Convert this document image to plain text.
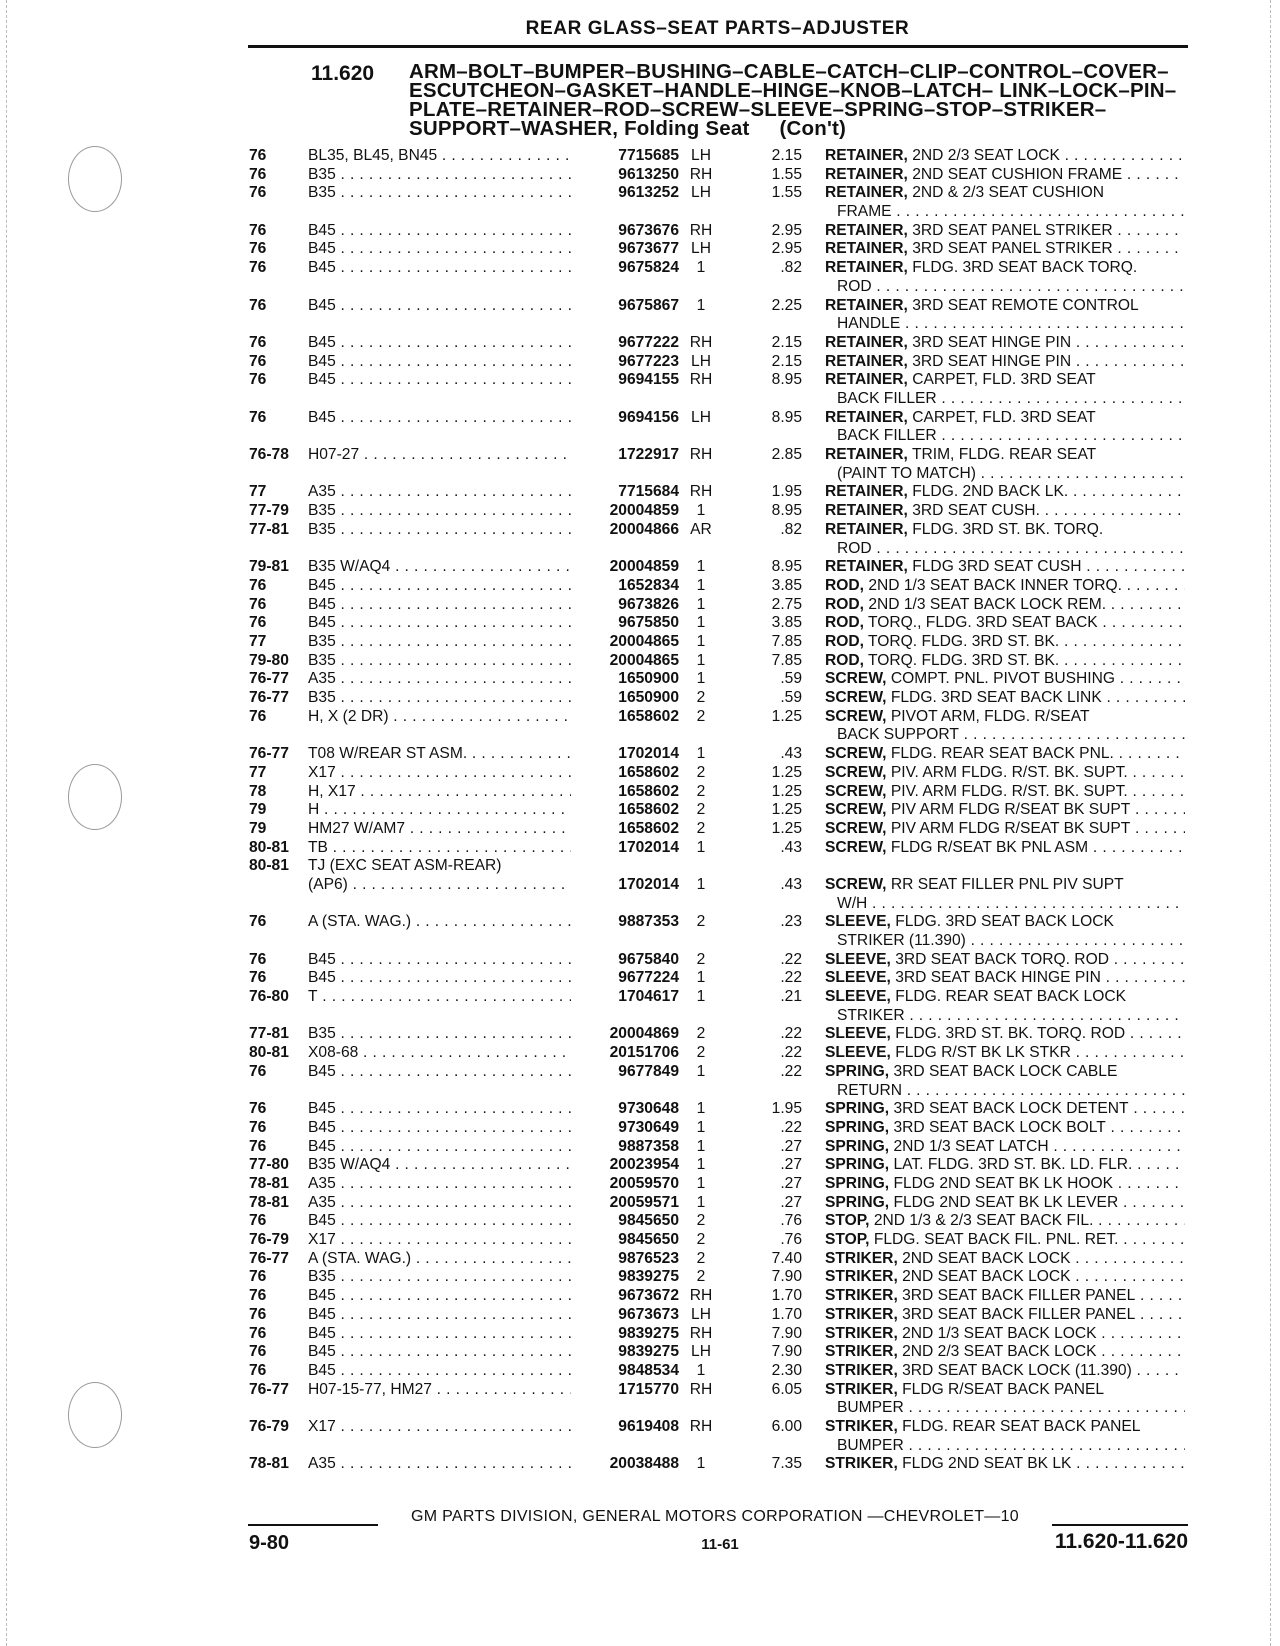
REAR GLASS–SEAT PARTS–ADJUSTER
11.620 ARM–BOLT–BUMPER–BUSHING–CABLE–CATCH–CLIP–CONTROL–COVER–ESCUTCHEON–GASKET–HANDLE–HINGE–KNOB–LATCH– LINK–LOCK–PIN–PLATE–RETAINER–ROD–SCREW–SLEEVE–SPRING–STOP–STRIKER–SUPPORT–WASHER, Folding Seat (Con't)
76	BL35, BL45, BN45 . . .	7715685 LH	2.15 RETAINER, 2ND 2/3 SEAT LOCK . . .
76	B35 . . .	9613250 RH	1.55 RETAINER, 2ND SEAT CUSHION FRAME . . .
76	B35 . . .	9613252 LH	1.55 RETAINER, 2ND & 2/3 SEAT CUSHION
FRAME . . .
76	B45 . . .	9673676 RH	2.95 RETAINER, 3RD SEAT PANEL STRIKER . . .
76	B45 . . .	9673677 LH	2.95 RETAINER, 3RD SEAT PANEL STRIKER . . .
76	B45 . . .	9675824	1	.82 RETAINER, FLDG. 3RD SEAT BACK TORQ.
ROD . . .
76	B45 . . .	9675867	1	2.25 RETAINER, 3RD SEAT REMOTE CONTROL
HANDLE . . .
76	B45 . . .	9677222 RH	2.15 RETAINER, 3RD SEAT HINGE PIN . . .
76	B45 . . .	9677223 LH	2.15 RETAINER, 3RD SEAT HINGE PIN . . .
76	B45 . . .	9694155 RH	8.95 RETAINER, CARPET, FLD. 3RD SEAT
BACK FILLER . . .
76	B45 . . .	9694156 LH	8.95 RETAINER, CARPET, FLD. 3RD SEAT
BACK FILLER . . .
76-78 H07-27 . . .	1722917 RH	2.85 RETAINER, TRIM, FLDG. REAR SEAT
(PAINT TO MATCH) . . .
77	A35 . . .	7715684 RH	1.95 RETAINER, FLDG. 2ND BACK LK. . . .
77-79 B35 . . .	20004859	1	8.95 RETAINER, 3RD SEAT CUSH. . . .
77-81 B35 . . .	20004866 AR	.82 RETAINER, FLDG. 3RD ST. BK. TORQ.
ROD . . .
79-81 B35 W/AQ4 . . .	20004859	1	8.95 RETAINER, FLDG 3RD SEAT CUSH . . .
76	B45 . . .	1652834	1	3.85 ROD, 2ND 1/3 SEAT BACK INNER TORQ. . . .
76	B45 . . .	9673826	1	2.75 ROD, 2ND 1/3 SEAT BACK LOCK REM. . . .
76	B45 . . .	9675850	1	3.85 ROD, TORQ., FLDG. 3RD SEAT BACK . . .
77	B35 . . .	20004865	1	7.85 ROD, TORQ. FLDG. 3RD ST. BK. . . .
79-80 B35 . . .	20004865	1	7.85 ROD, TORQ. FLDG. 3RD ST. BK. . . .
76-77 A35 . . .	1650900	1	.59 SCREW, COMPT. PNL. PIVOT BUSHING . . .
76-77 B35 . . .	1650900	2	.59 SCREW, FLDG. 3RD SEAT BACK LINK . . .
76	H, X (2 DR) . . .	1658602	2	1.25 SCREW, PIVOT ARM, FLDG. R/SEAT
BACK SUPPORT . . .
76-77 T08 W/REAR ST ASM. . . .	1702014	1	.43 SCREW, FLDG. REAR SEAT BACK PNL. . . .
77	X17 . . .	1658602	2	1.25 SCREW, PIV. ARM FLDG. R/ST. BK. SUPT. . . .
78	H, X17 . . .	1658602	2	1.25 SCREW, PIV. ARM FLDG. R/ST. BK. SUPT. . . .
79	H . . .	1658602	2	1.25 SCREW, PIV ARM FLDG R/SEAT BK SUPT . . .
79	HM27 W/AM7 . . .	1658602	2	1.25 SCREW, PIV ARM FLDG R/SEAT BK SUPT . . .
80-81 TB . . .	1702014	1	.43 SCREW, FLDG R/SEAT BK PNL ASM . . .
80-81 TJ (EXC SEAT ASM-REAR)
(AP6) . . .	1702014	1	.43 SCREW, RR SEAT FILLER PNL PIV SUPT
W/H . . .
76	A (STA. WAG.) . . .	9887353	2	.23 SLEEVE, FLDG. 3RD SEAT BACK LOCK
STRIKER (11.390) . . .
76	B45 . . .	9675840	2	.22 SLEEVE, 3RD SEAT BACK TORQ. ROD . . .
76	B45 . . .	9677224	1	.22 SLEEVE, 3RD SEAT BACK HINGE PIN . . .
76-80 T . . .	1704617	1	.21 SLEEVE, FLDG. REAR SEAT BACK LOCK
STRIKER . . .
77-81 B35 . . .	20004869	2	.22 SLEEVE, FLDG. 3RD ST. BK. TORQ. ROD . . .
80-81 X08-68 . . .	20151706	2	.22 SLEEVE, FLDG R/ST BK LK STKR . . .
76	B45 . . .	9677849	1	.22 SPRING, 3RD SEAT BACK LOCK CABLE
RETURN . . .
76	B45 . . .	9730648	1	1.95 SPRING, 3RD SEAT BACK LOCK DETENT . . .
76	B45 . . .	9730649	1	.22 SPRING, 3RD SEAT BACK LOCK BOLT . . .
76	B45 . . .	9887358	1	.27 SPRING, 2ND 1/3 SEAT LATCH . . .
77-80 B35 W/AQ4 . . .	20023954	1	.27 SPRING, LAT. FLDG. 3RD ST. BK. LD. FLR. . . .
78-81 A35 . . .	20059570	1	.27 SPRING, FLDG 2ND SEAT BK LK HOOK . . .
78-81 A35 . . .	20059571	1	.27 SPRING, FLDG 2ND SEAT BK LK LEVER . . .
76	B45 . . .	9845650	2	.76 STOP, 2ND 1/3 & 2/3 SEAT BACK FIL. . . .
76-79 X17 . . .	9845650	2	.76 STOP, FLDG. SEAT BACK FIL. PNL. RET. . . .
76-77 A (STA. WAG.) . . .	9876523	2	7.40 STRIKER, 2ND SEAT BACK LOCK . . .
76	B35 . . .	9839275	2	7.90 STRIKER, 2ND SEAT BACK LOCK . . .
76	B45 . . .	9673672 RH	1.70 STRIKER, 3RD SEAT BACK FILLER PANEL . . .
76	B45 . . .	9673673 LH	1.70 STRIKER, 3RD SEAT BACK FILLER PANEL . . .
76	B45 . . .	9839275 RH	7.90 STRIKER, 2ND 1/3 SEAT BACK LOCK . . .
76	B45 . . .	9839275 LH	7.90 STRIKER, 2ND 2/3 SEAT BACK LOCK . . .
76	B45 . . .	9848534	1	2.30 STRIKER, 3RD SEAT BACK LOCK (11.390) . . .
76-77 H07-15-77, HM27 . . .	1715770 RH	6.05 STRIKER, FLDG R/SEAT BACK PANEL
BUMPER . . .
76-79 X17 . . .	9619408 RH	6.00 STRIKER, FLDG. REAR SEAT BACK PANEL
BUMPER . . .
78-81 A35 . . .	20038488	1	7.35 STRIKER, FLDG 2ND SEAT BK LK . . .
GM PARTS DIVISION, GENERAL MOTORS CORPORATION —CHEVROLET—10
9-80	11-61	11.620-11.620
